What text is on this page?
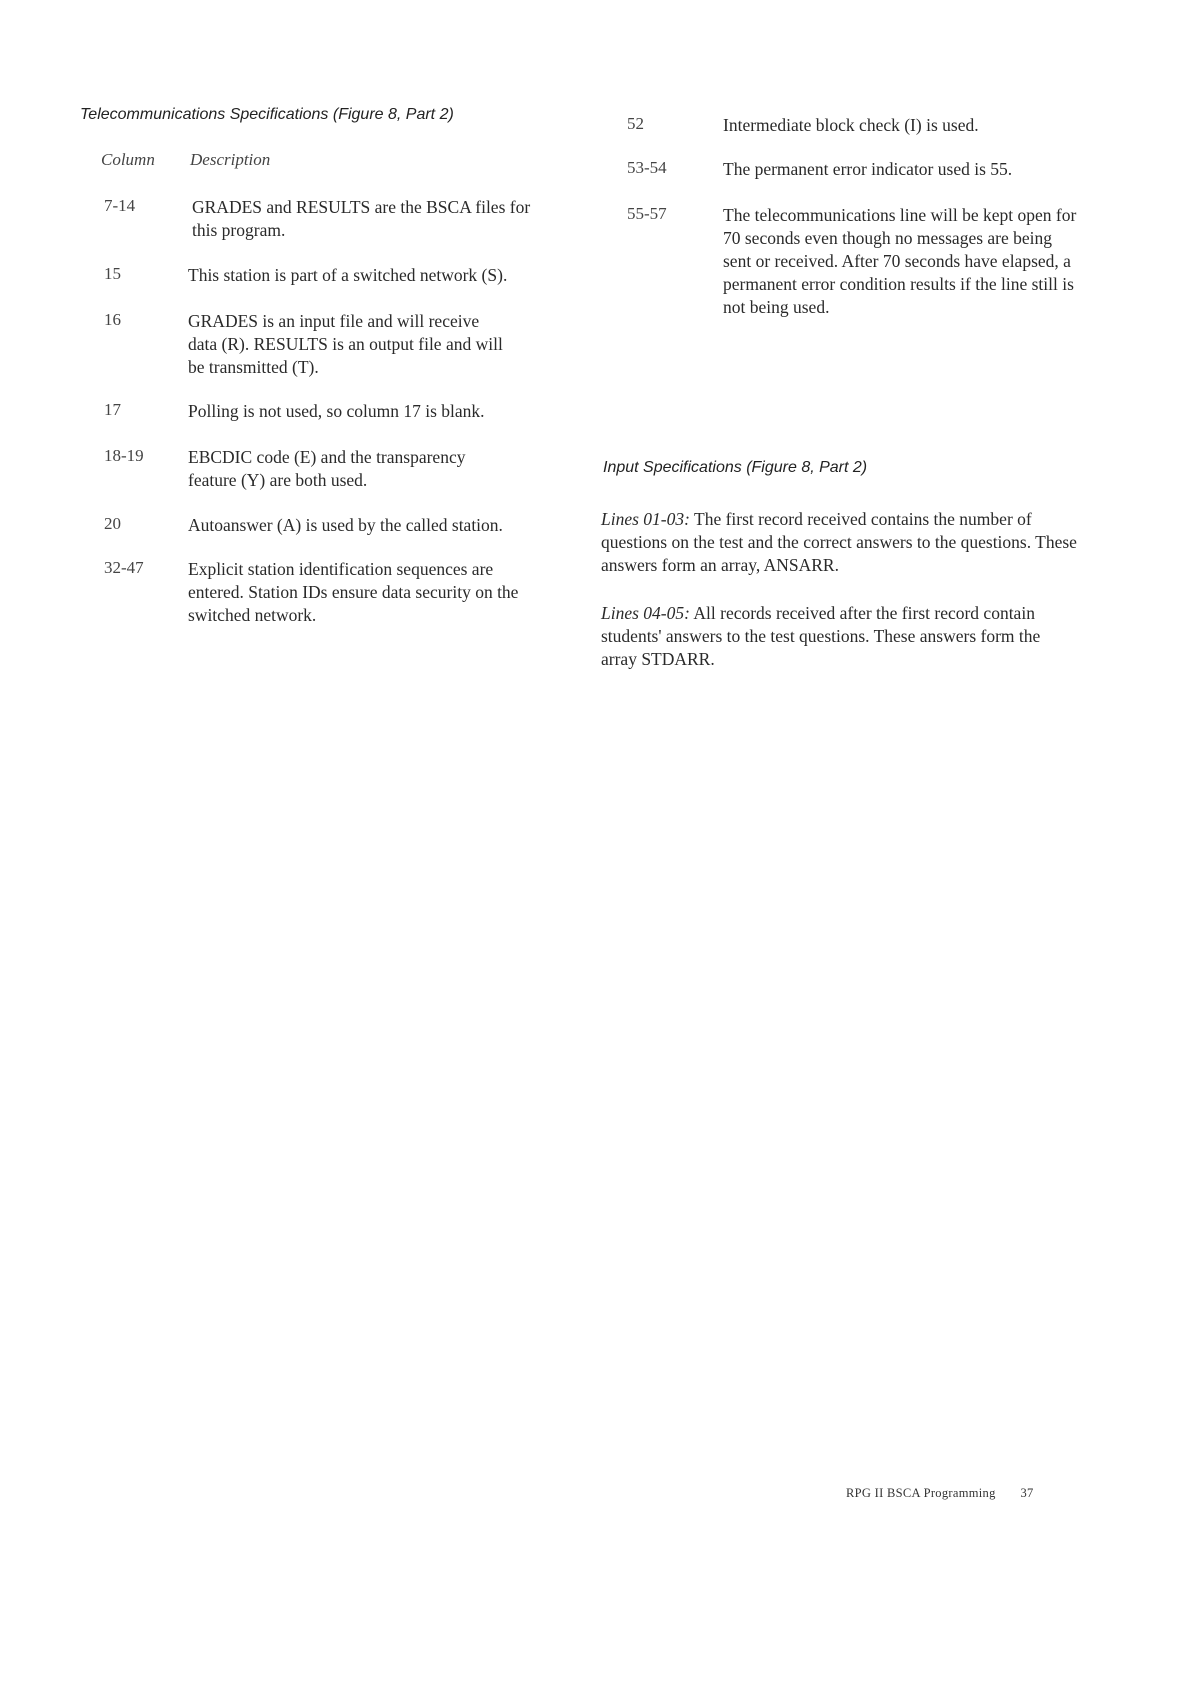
Telecommunications Specifications (Figure 8, Part 2)
Column Description
7-14	GRADES and RESULTS are the BSCA files for this program.
15	This station is part of a switched network (S).
16	GRADES is an input file and will receive data (R). RESULTS is an output file and will be transmitted (T).
17	Polling is not used, so column 17 is blank.
18-19	EBCDIC code (E) and the transparency feature (Y) are both used.
20	Autoanswer (A) is used by the called station.
32-47	Explicit station identification sequences are entered. Station IDs ensure data security on the switched network.
52	Intermediate block check (I) is used.
53-54	The permanent error indicator used is 55.
55-57	The telecommunications line will be kept open for 70 seconds even though no messages are being sent or received. After 70 seconds have elapsed, a permanent error condition results if the line still is not being used.
Input Specifications (Figure 8, Part 2)
Lines 01-03: The first record received contains the number of questions on the test and the correct answers to the questions. These answers form an array, ANSARR.
Lines 04-05: All records received after the first record contain students' answers to the test questions. These answers form the array STDARR.
RPG II BSCA Programming 37
